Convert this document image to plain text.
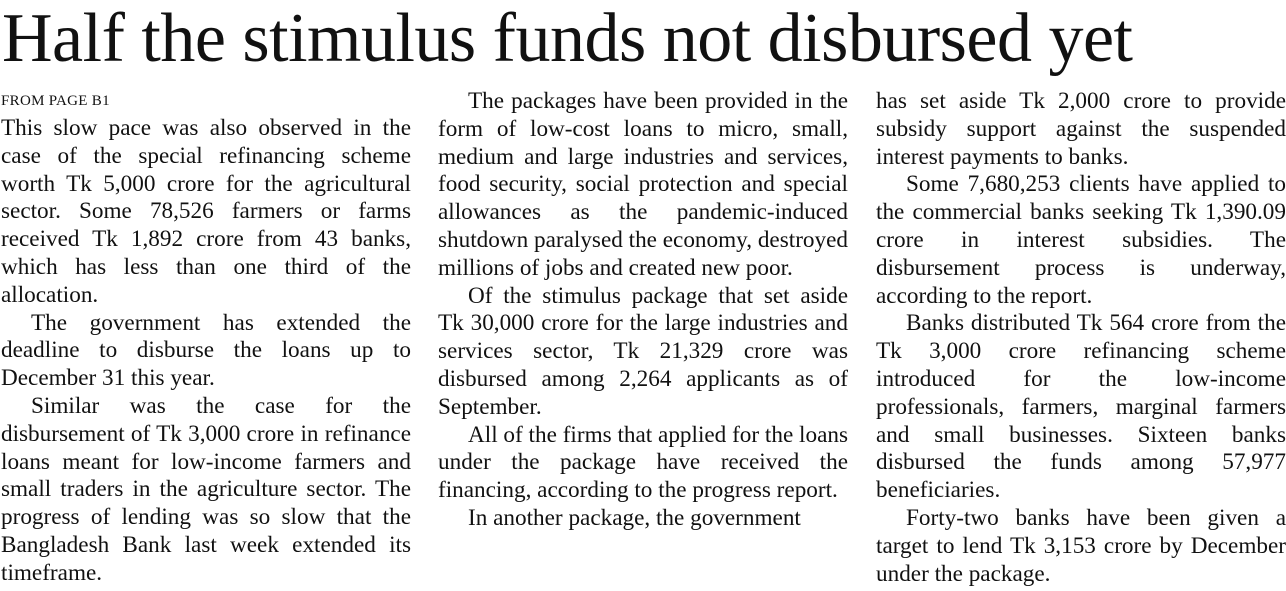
Half the stimulus funds not disbursed yet
FROM PAGE B1

This slow pace was also observed in the case of the special refinancing scheme worth Tk 5,000 crore for the agricultural sector. Some 78,526 farmers or farms received Tk 1,892 crore from 43 banks, which has less than one third of the allocation.

The government has extended the deadline to disburse the loans up to December 31 this year.

Similar was the case for the disbursement of Tk 3,000 crore in refinance loans meant for low-income farmers and small traders in the agriculture sector. The progress of lending was so slow that the Bangladesh Bank last week extended its timeframe.

The packages have been provided in the form of low-cost loans to micro, small, medium and large industries and services, food security, social protection and special allowances as the pandemic-induced shutdown paralysed the economy, destroyed millions of jobs and created new poor.

Of the stimulus package that set aside Tk 30,000 crore for the large industries and services sector, Tk 21,329 crore was disbursed among 2,264 applicants as of September.

All of the firms that applied for the loans under the package have received the financing, according to the progress report.

In another package, the government

has set aside Tk 2,000 crore to provide subsidy support against the suspended interest payments to banks.

Some 7,680,253 clients have applied to the commercial banks seeking Tk 1,390.09 crore in interest subsidies. The disbursement process is underway, according to the report.

Banks distributed Tk 564 crore from the Tk 3,000 crore refinancing scheme introduced for the low-income professionals, farmers, marginal farmers and small businesses. Sixteen banks disbursed the funds among 57,977 beneficiaries.

Forty-two banks have been given a target to lend Tk 3,153 crore by December under the package.
